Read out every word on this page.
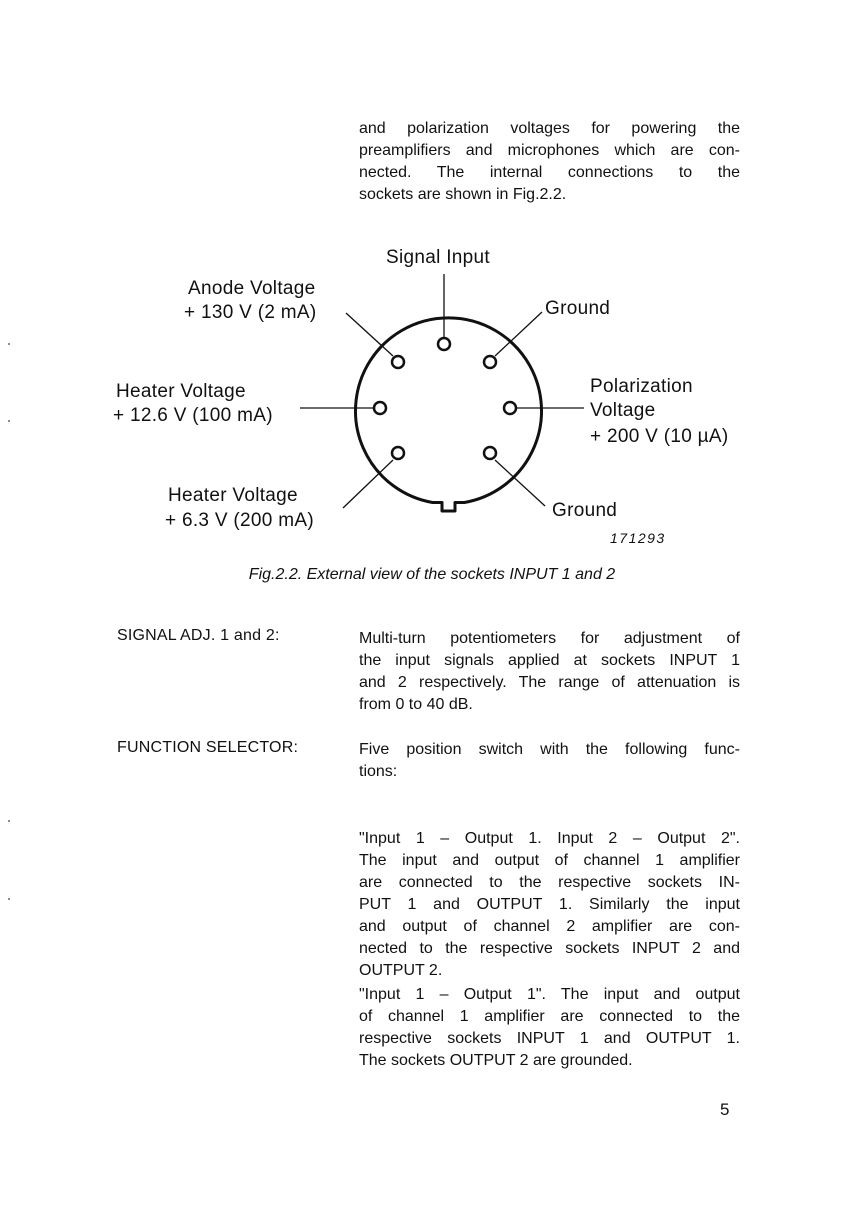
and polarization voltages for powering the
preamplifiers and microphones which are con-
nected. The internal connections to the
sockets are shown in Fig.2.2.
Signal Input
Anode Voltage
+ 130 V (2 mA)	Ground
Heater Voltage
+ 12.6 V (100 mA)
Polarization
Voltage
+ 200 V (10 µA)
Heater Voltage
+ 6.3 V (200 mA)	Ground
171293

Fig.2.2. External view of the sockets INPUT 1 and 2

SIGNAL ADJ. 1 and 2:	Multi-turn potentiometers for adjustment of
the input signals applied at sockets INPUT 1
and 2 respectively. The range of attenuation is
from 0 to 40 dB.

FUNCTION SELECTOR:	Five position switch with the following func-
tions:
"Input 1 – Output 1. Input 2 – Output 2".
The input and output of channel 1 amplifier
are connected to the respective sockets IN-
PUT 1 and OUTPUT 1. Similarly the input
and output of channel 2 amplifier are con-
nected to the respective sockets INPUT 2 and
OUTPUT 2.
"Input 1 – Output 1". The input and output
of channel 1 amplifier are connected to the
respective sockets INPUT 1 and OUTPUT 1.
The sockets OUTPUT 2 are grounded.

5
